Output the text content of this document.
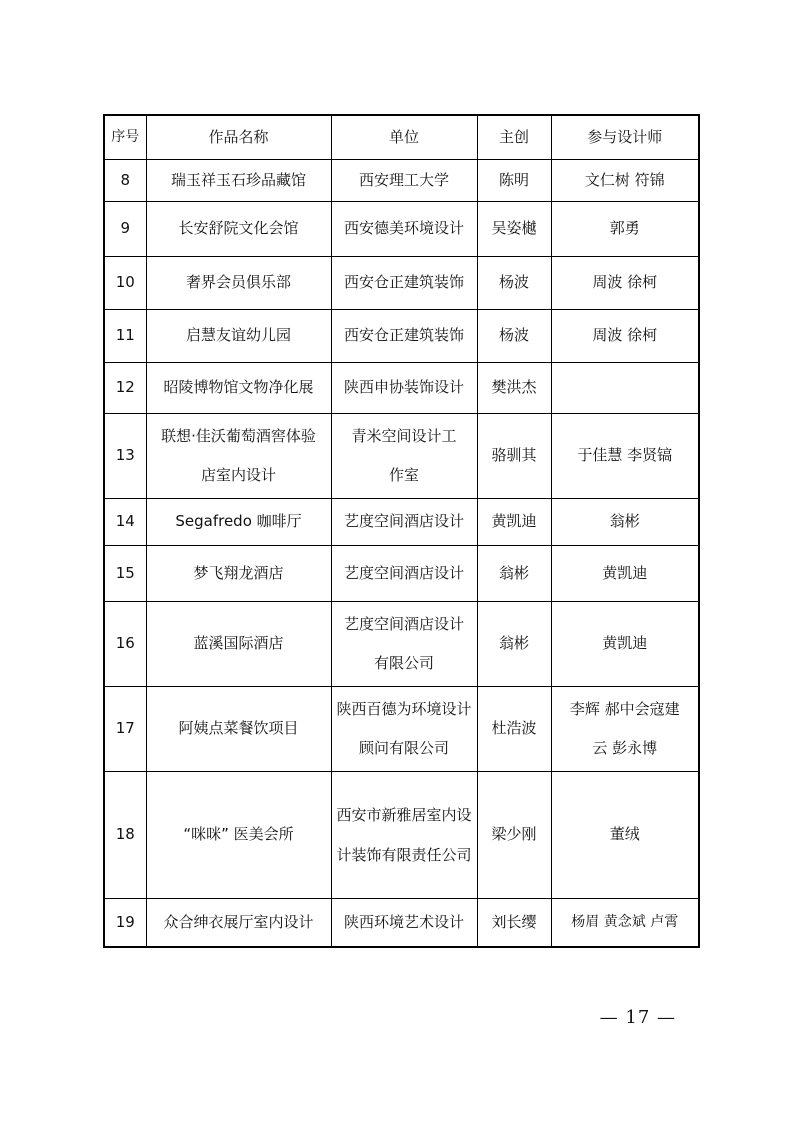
序号	作品名称	单位	主创	参与设计师
8	瑞玉祥玉石珍品藏馆	西安理工大学	陈明	文仁树 符锦
9	长安舒院文化会馆	西安德美环境设计	吴姿樾	郭勇
10	奢界会员俱乐部	西安仓正建筑装饰	杨波	周波 徐柯
11	启慧友谊幼儿园	西安仓正建筑装饰	杨波	周波 徐柯
12	昭陵博物馆文物净化展	陕西申协装饰设计	樊洪杰	
13	联想·佳沃葡萄酒窖体验店室内设计	青米空间设计工作室	骆驯其	于佳慧 李贤镐
14	Segafredo 咖啡厅	艺度空间酒店设计	黄凯迪	翁彬
15	梦飞翔龙酒店	艺度空间酒店设计	翁彬	黄凯迪
16	蓝溪国际酒店	艺度空间酒店设计有限公司	翁彬	黄凯迪
17	阿姨点菜餐饮项目	陕西百德为环境设计顾问有限公司	杜浩波	李辉 郝中会寇建云 彭永博
18	“咪咪” 医美会所	西安市新雅居室内设计装饰有限责任公司	梁少刚	董绒
19	众合绅衣展厅室内设计	陕西环境艺术设计	刘长缨	杨眉 黄念斌 卢霄
— 17 —
